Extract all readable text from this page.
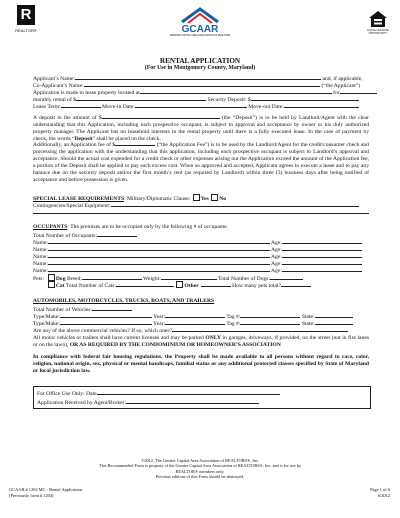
R
REALTOR®	GCAAR
GREATER CAPITAL AREA ASSOCIATION OF REALTORS
EQUAL HOUSING OPPORTUNITY
RENTAL APPLICATION
(For Use in Montgomery County, Maryland)
Applicant’s Name:	and, if applicable,
Co-Applicant’s Name:	(“the Applicant”)
Application is made to lease property located at	for
monthly rental of $	Security Deposit: $
Lease Term:	Move-in Date:	Move-out Date:
A deposit in the amount of $	(the “Deposit”) is to be held by Landlord/Agent with the clear understanding that this Application, including each prospective occupant, is subject to approval and acceptance by owner or his duly authorized property manager. The Applicant has no leasehold interests in the rental property until there is a fully executed lease. In the case of payment by check, the words “Deposit” shall be placed on the check.
Additionally, an Application fee of $	(“the Application Fee”) is to be used by the Landlord/Agent for the credit/consumer check and processing the application with the understanding that this application, including each prospective occupant is subject to Landlord’s approval and acceptance. Should the actual cost expended for a credit check or other expenses arising out the Application exceed the amount of the Application fee, a portion of the Deposit shall be applied to pay such excess cost. When so approved and accepted, Applicant agrees to execute a lease and to pay any balance due on the security deposit and/or the first month’s rent (as required by Landlord) within three (3) business days after being notified of acceptance and before possession is given.
SPECIAL LEASE REQUIREMENTS: Military/Diplomatic Clause: Yes No
Contingencies/Special Equipment:
OCCUPANTS: The premises are to be occupied only by the following # of occupants:
Total Number of Occupants:
Name:	Age:
Name:	Age:
Name:	Age:
Name:	Age:
Name:	Age:
Pets: Dog Breed:	Weight:	Total Number of Dogs:
Cat Total Number of Cats:	Other	How many pets total?
AUTOMOBILES, MOTORCYCLES, TRUCKS, BOATS, AND TRAILERS
Total Number of Vehicles:
Type/Make:	Year:	Tag #:	State:
Type/Make:	Year:	Tag #:	State:
Are any of the above commercial vehicles? If so, which ones?
All motor vehicles or trailers shall have current licenses and may be parked ONLY in garages, driveways, if provided, on the street (not in fire lanes or on the lawn), OR AS REQUIRED BY THE CONDOMINIUM OR HOMEOWNER’S ASSOCIATION
In compliance with federal fair housing regulations, the Property shall be made available to all persons without regard to race, color, religion, national origin, sex, physical or mental handicaps, familial status or any additional protected classes specified by State of Maryland or local jurisdiction law.
For Office Use Only: Date
Application Received by Agent/Broker:
©2012, The Greater Capital Area Association of REALTORS®, Inc.
This Recommended Form is property of the Greater Capital Area Association of REALTORS®, Inc. and is for use by
REALTOR® members only.
Previous editions of this Form should be destroyed.
GCAAR # 1204 MC - Rental Application
(Previously form # 1204)
Page 1 of 6
6/2012
